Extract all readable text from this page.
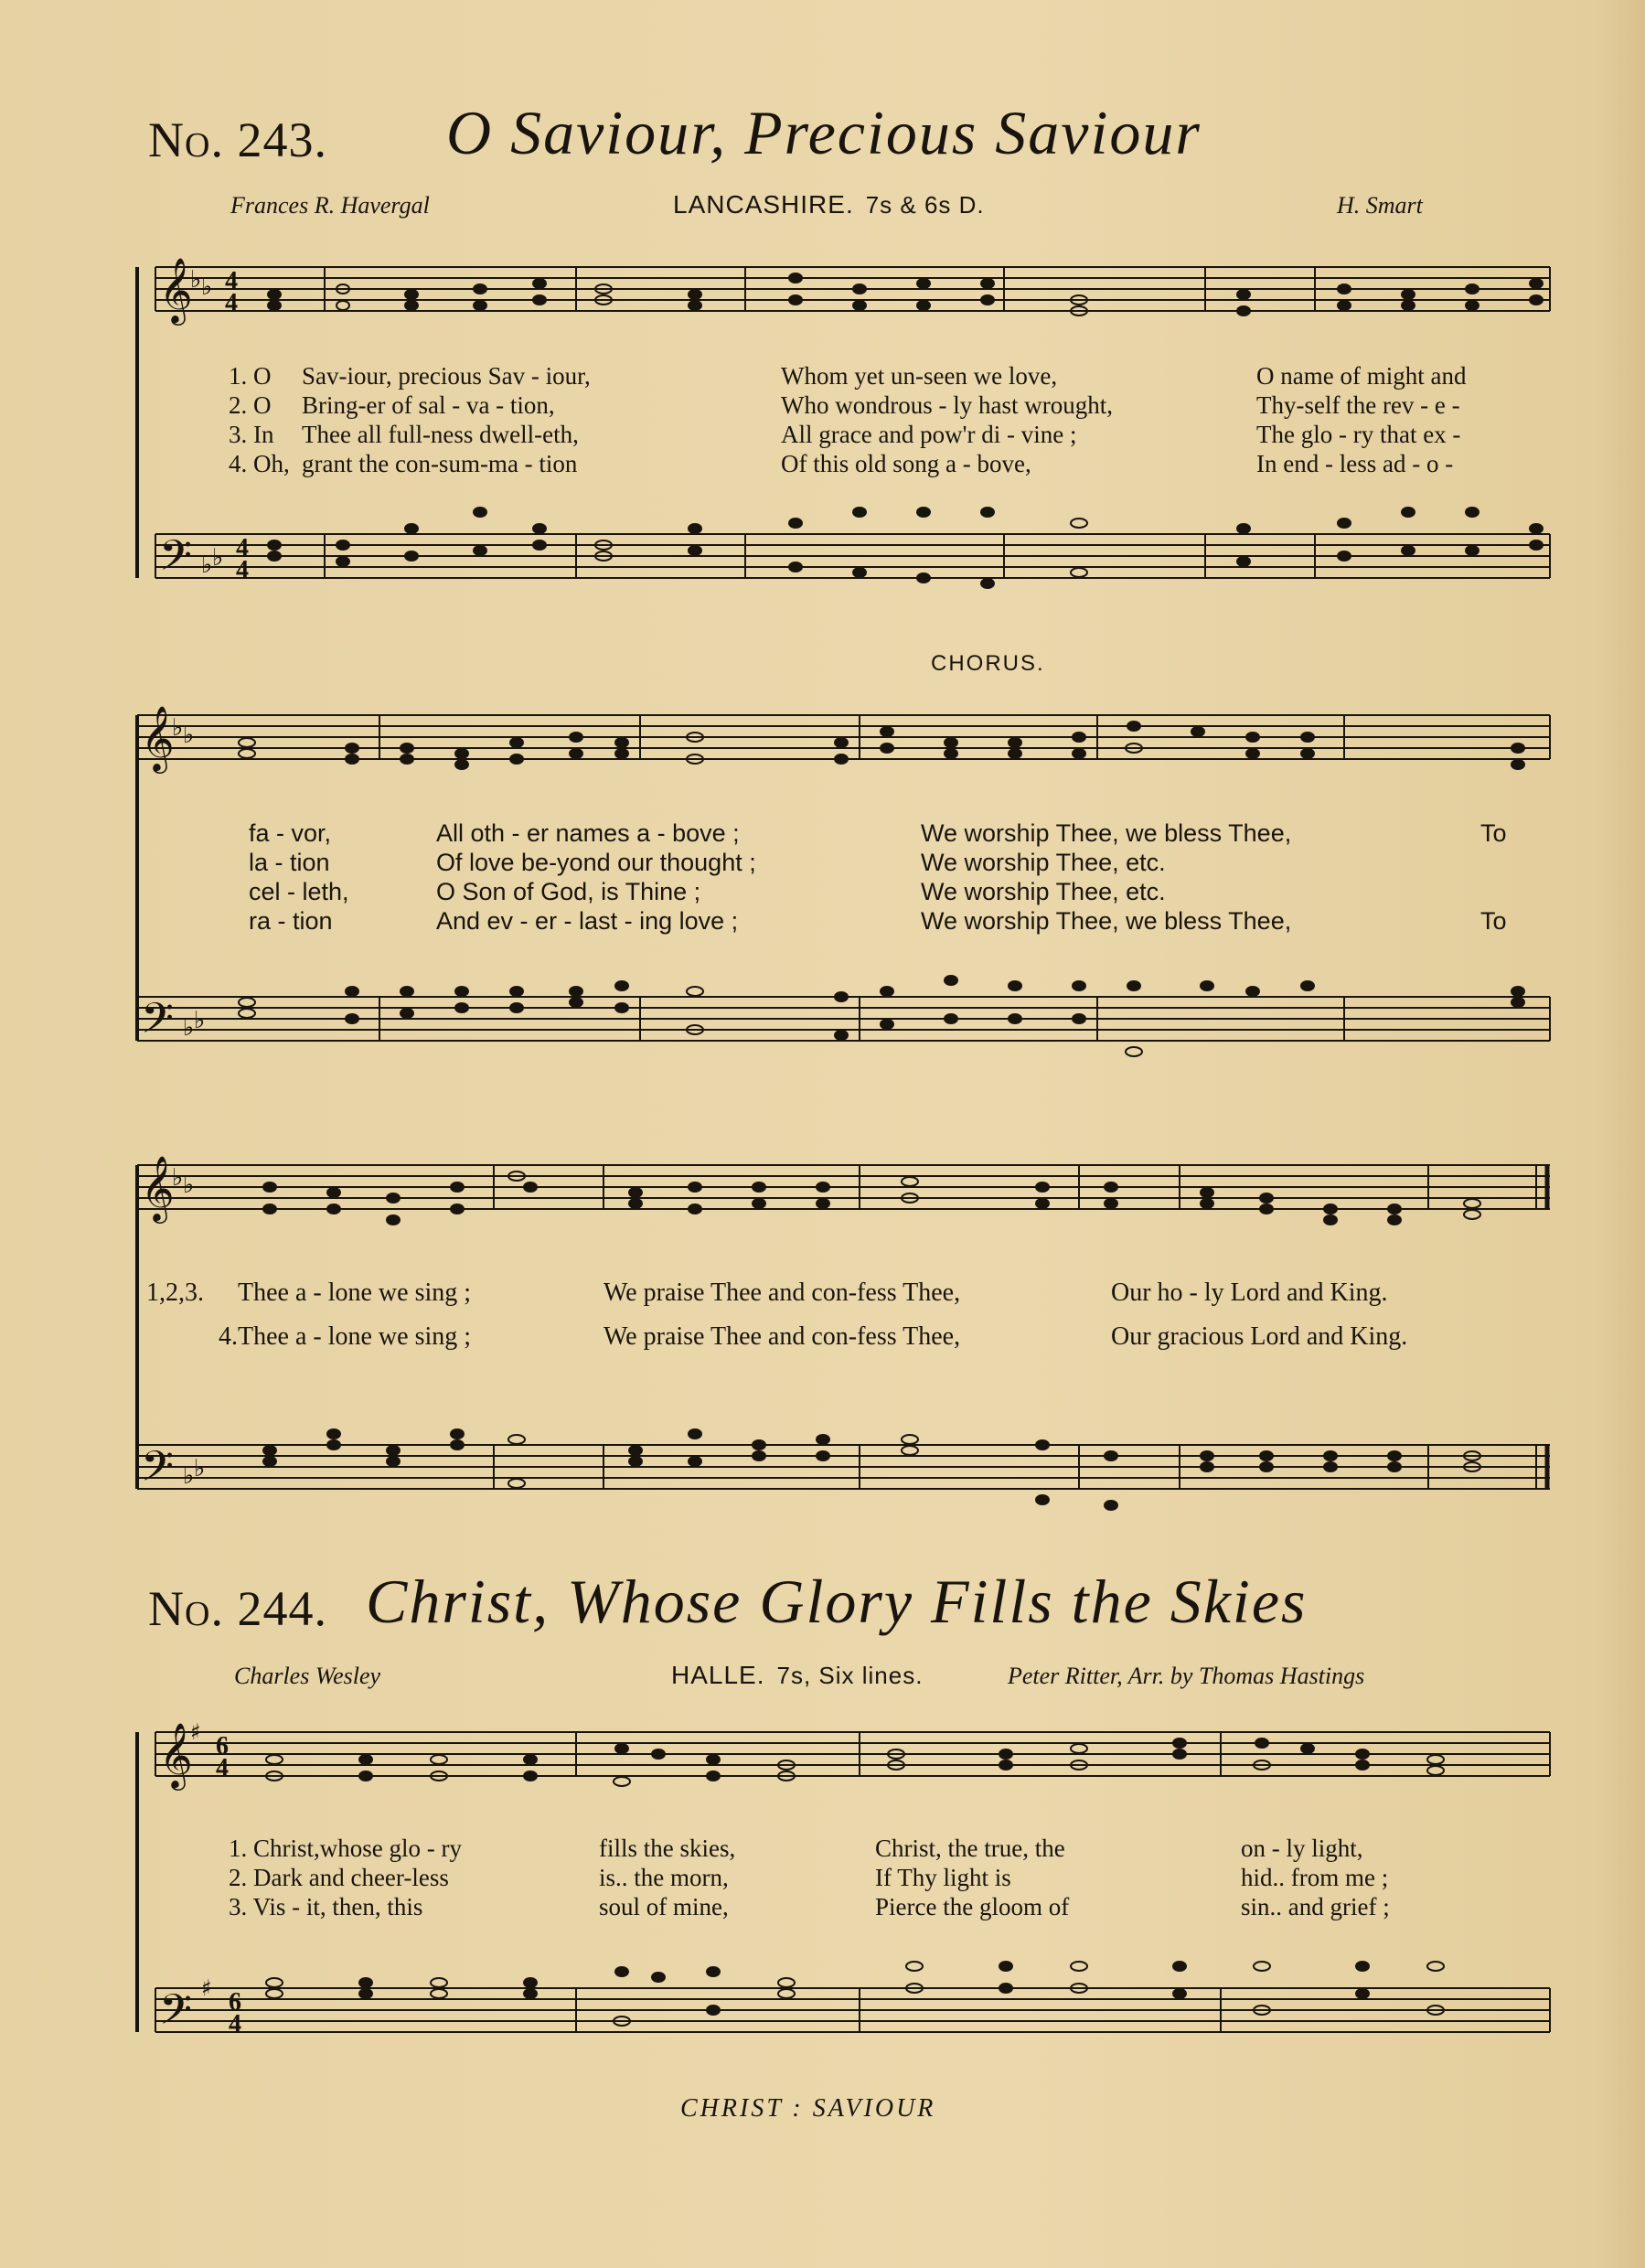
No. 243. O Saviour, Precious Saviour
Frances R. Havergal	LANCASHIRE. 7s & 6s D.	H. Smart
𝄞
𝄢
♭ ♭
♭ ♭
4
4
4
4
1. O Sav-iour, precious Sav - iour,	Whom yet un-seen we love,	O name of might and
2. O Bring-er of sal - va - tion,	Who wondrous - ly hast wrought,	Thy-self the rev - e -
3. In Thee all full-ness dwell-eth,	All grace and pow'r di - vine ;	The glo - ry that ex -
4. Oh, grant the con-sum-ma - tion	Of this old song a - bove,	In end - less ad - o -
CHORUS.
𝄞
𝄢
♭ ♭
♭ ♭
fa - vor,	All oth - er names a - bove ;	We worship Thee, we bless Thee,	To
la - tion	Of love be-yond our thought ;	We worship Thee, etc.
cel - leth,	O Son of God, is Thine ;	We worship Thee, etc.
ra - tion	And ev - er - last - ing love ;	We worship Thee, we bless Thee,	To
𝄞
𝄢
♭ ♭
♭ ♭
1,2,3. Thee a - lone we sing ;	We praise Thee and con-fess Thee,	Our ho - ly Lord and King.
4.Thee a - lone we sing ;	We praise Thee and con-fess Thee,	Our gracious Lord and King.
No. 244. Christ, Whose Glory Fills the Skies
Charles Wesley	HALLE. 7s, Six lines.	Peter Ritter, Arr. by Thomas Hastings
𝄞
𝄢
♯
♯
6
4
6
4
1. Christ,whose glo - ry	fills the skies,	Christ, the true, the	on - ly light,
2. Dark and cheer-less	is.. the morn,	If Thy light is	hid.. from me ;
3. Vis - it, then, this	soul of mine,	Pierce the gloom of	sin.. and grief ;
CHRIST : SAVIOUR
